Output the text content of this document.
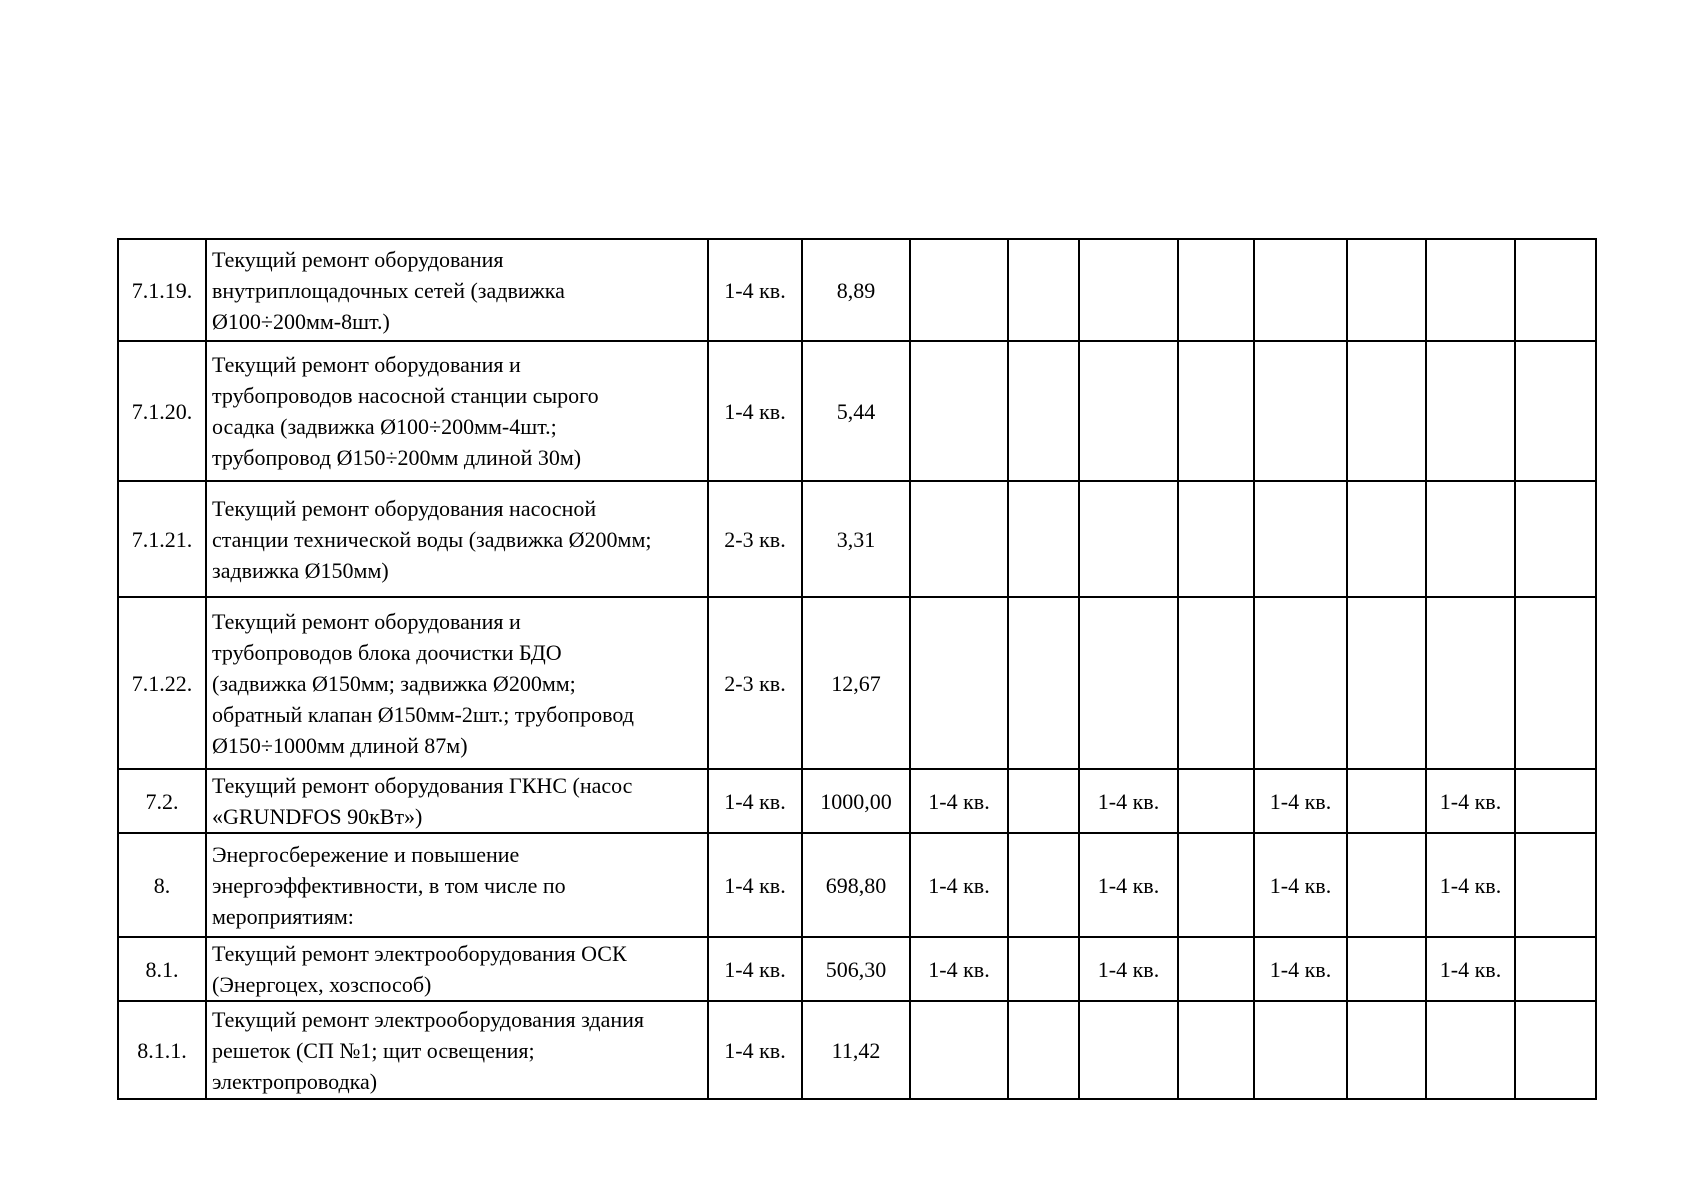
7.1.19.	Текущий ремонт оборудования
внутриплощадочных сетей (задвижка
Ø100÷200мм-8шт.)	1-4 кв.	8,89								
7.1.20.	Текущий ремонт оборудования и
трубопроводов насосной станции сырого
осадка (задвижка Ø100÷200мм-4шт.;
трубопровод Ø150÷200мм длиной 30м)	1-4 кв.	5,44								
7.1.21.	Текущий ремонт оборудования насосной
станции технической воды (задвижка Ø200мм;
задвижка Ø150мм)	2-3 кв.	3,31								
7.1.22.	Текущий ремонт оборудования и
трубопроводов блока доочистки БДО
(задвижка Ø150мм; задвижка Ø200мм;
обратный клапан Ø150мм-2шт.; трубопровод
Ø150÷1000мм длиной 87м)	2-3 кв.	12,67								
7.2.	Текущий ремонт оборудования ГКНС (насос
«GRUNDFOS 90кВт»)	1-4 кв.	1000,00	1-4 кв.		1-4 кв.		1-4 кв.		1-4 кв.	
8.	Энергосбережение и повышение
энергоэффективности, в том числе по
мероприятиям:	1-4 кв.	698,80	1-4 кв.		1-4 кв.		1-4 кв.		1-4 кв.	
8.1.	Текущий ремонт электрооборудования ОСК
(Энергоцех, хозспособ)	1-4 кв.	506,30	1-4 кв.		1-4 кв.		1-4 кв.		1-4 кв.	
8.1.1.	Текущий ремонт электрооборудования здания
решеток (СП №1; щит освещения;
электропроводка)	1-4 кв.	11,42								
